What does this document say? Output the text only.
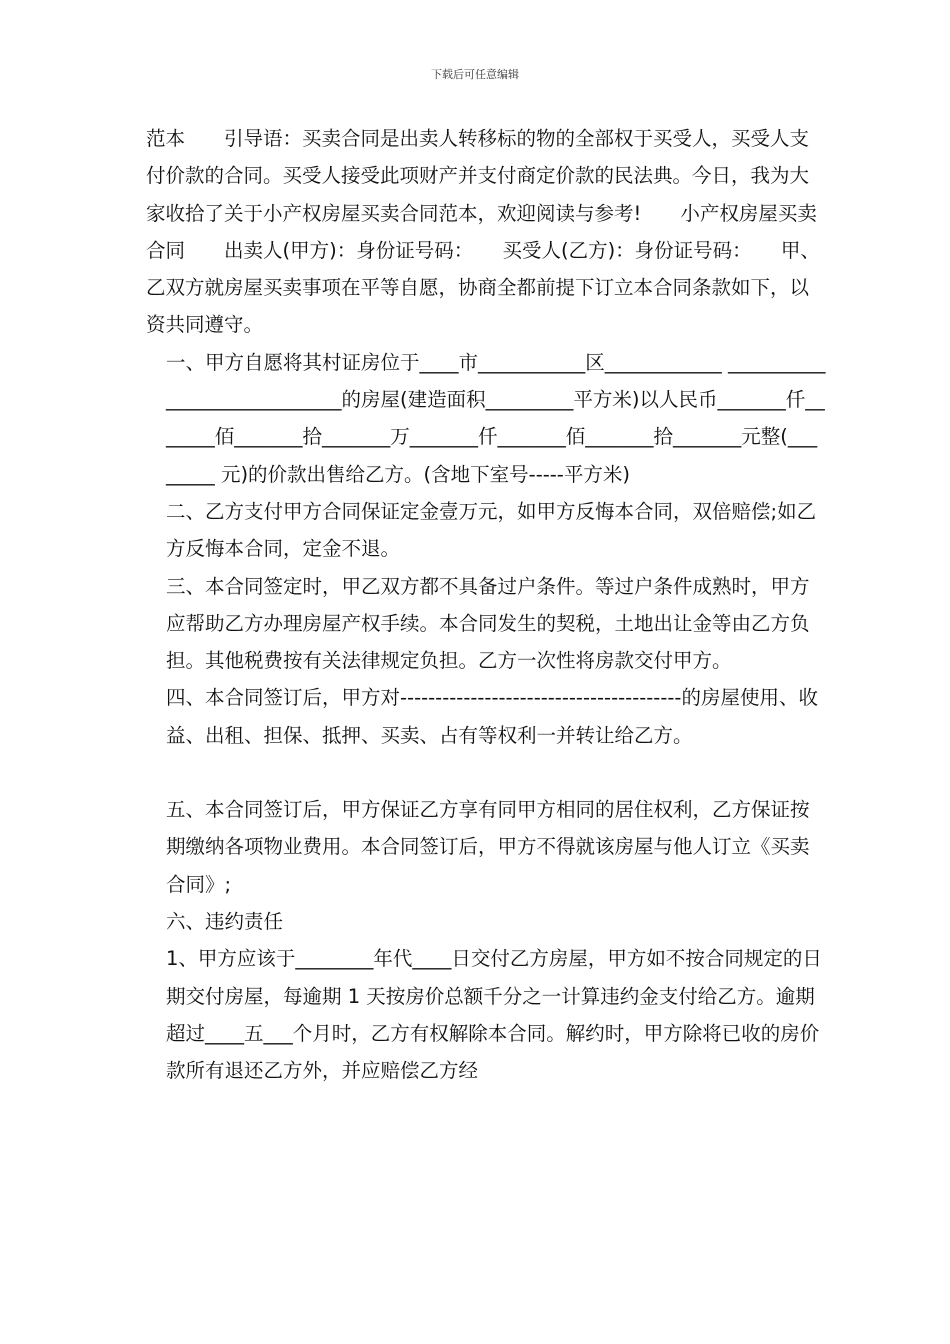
下载后可任意编辑

范本　　引导语：买卖合同是出卖人转移标的物的全部权于买受人，买受人支付价款的合同。买受人接受此项财产并支付商定价款的民法典。今日，我为大家收拾了关于小产权房屋买卖合同范本，欢迎阅读与参考!　　小产权房屋买卖合同　　出卖人(甲方)：身份证号码：　　买受人(乙方)：身份证号码：　　甲、乙双方就房屋买卖事项在平等自愿，协商全都前提下订立本合同条款如下，以资共同遵守。

一、甲方自愿将其村证房位于____市___________区____________ ____________________________的房屋(建造面积_________平方米)以人民币_______仟_______佰_______拾_______万_______仟_______佰_______拾_______元整(________ 元)的价款出售给乙方。(含地下室号-----平方米)

二、乙方支付甲方合同保证定金壹万元，如甲方反悔本合同，双倍赔偿;如乙方反悔本合同，定金不退。

三、本合同签定时，甲乙双方都不具备过户条件。等过户条件成熟时，甲方应帮助乙方办理房屋产权手续。本合同发生的契税，土地出让金等由乙方负担。其他税费按有关法律规定负担。乙方一次性将房款交付甲方。

四、本合同签订后，甲方对----------------------------------------的房屋使用、收益、出租、担保、抵押、买卖、占有等权利一并转让给乙方。

五、本合同签订后，甲方保证乙方享有同甲方相同的居住权利，乙方保证按期缴纳各项物业费用。本合同签订后，甲方不得就该房屋与他人订立《买卖合同》;

六、违约责任

1、甲方应该于________年代____日交付乙方房屋，甲方如不按合同规定的日期交付房屋，每逾期 1 天按房价总额千分之一计算违约金支付给乙方。逾期超过____五___个月时，乙方有权解除本合同。解约时，甲方除将已收的房价款所有退还乙方外，并应赔偿乙方经
